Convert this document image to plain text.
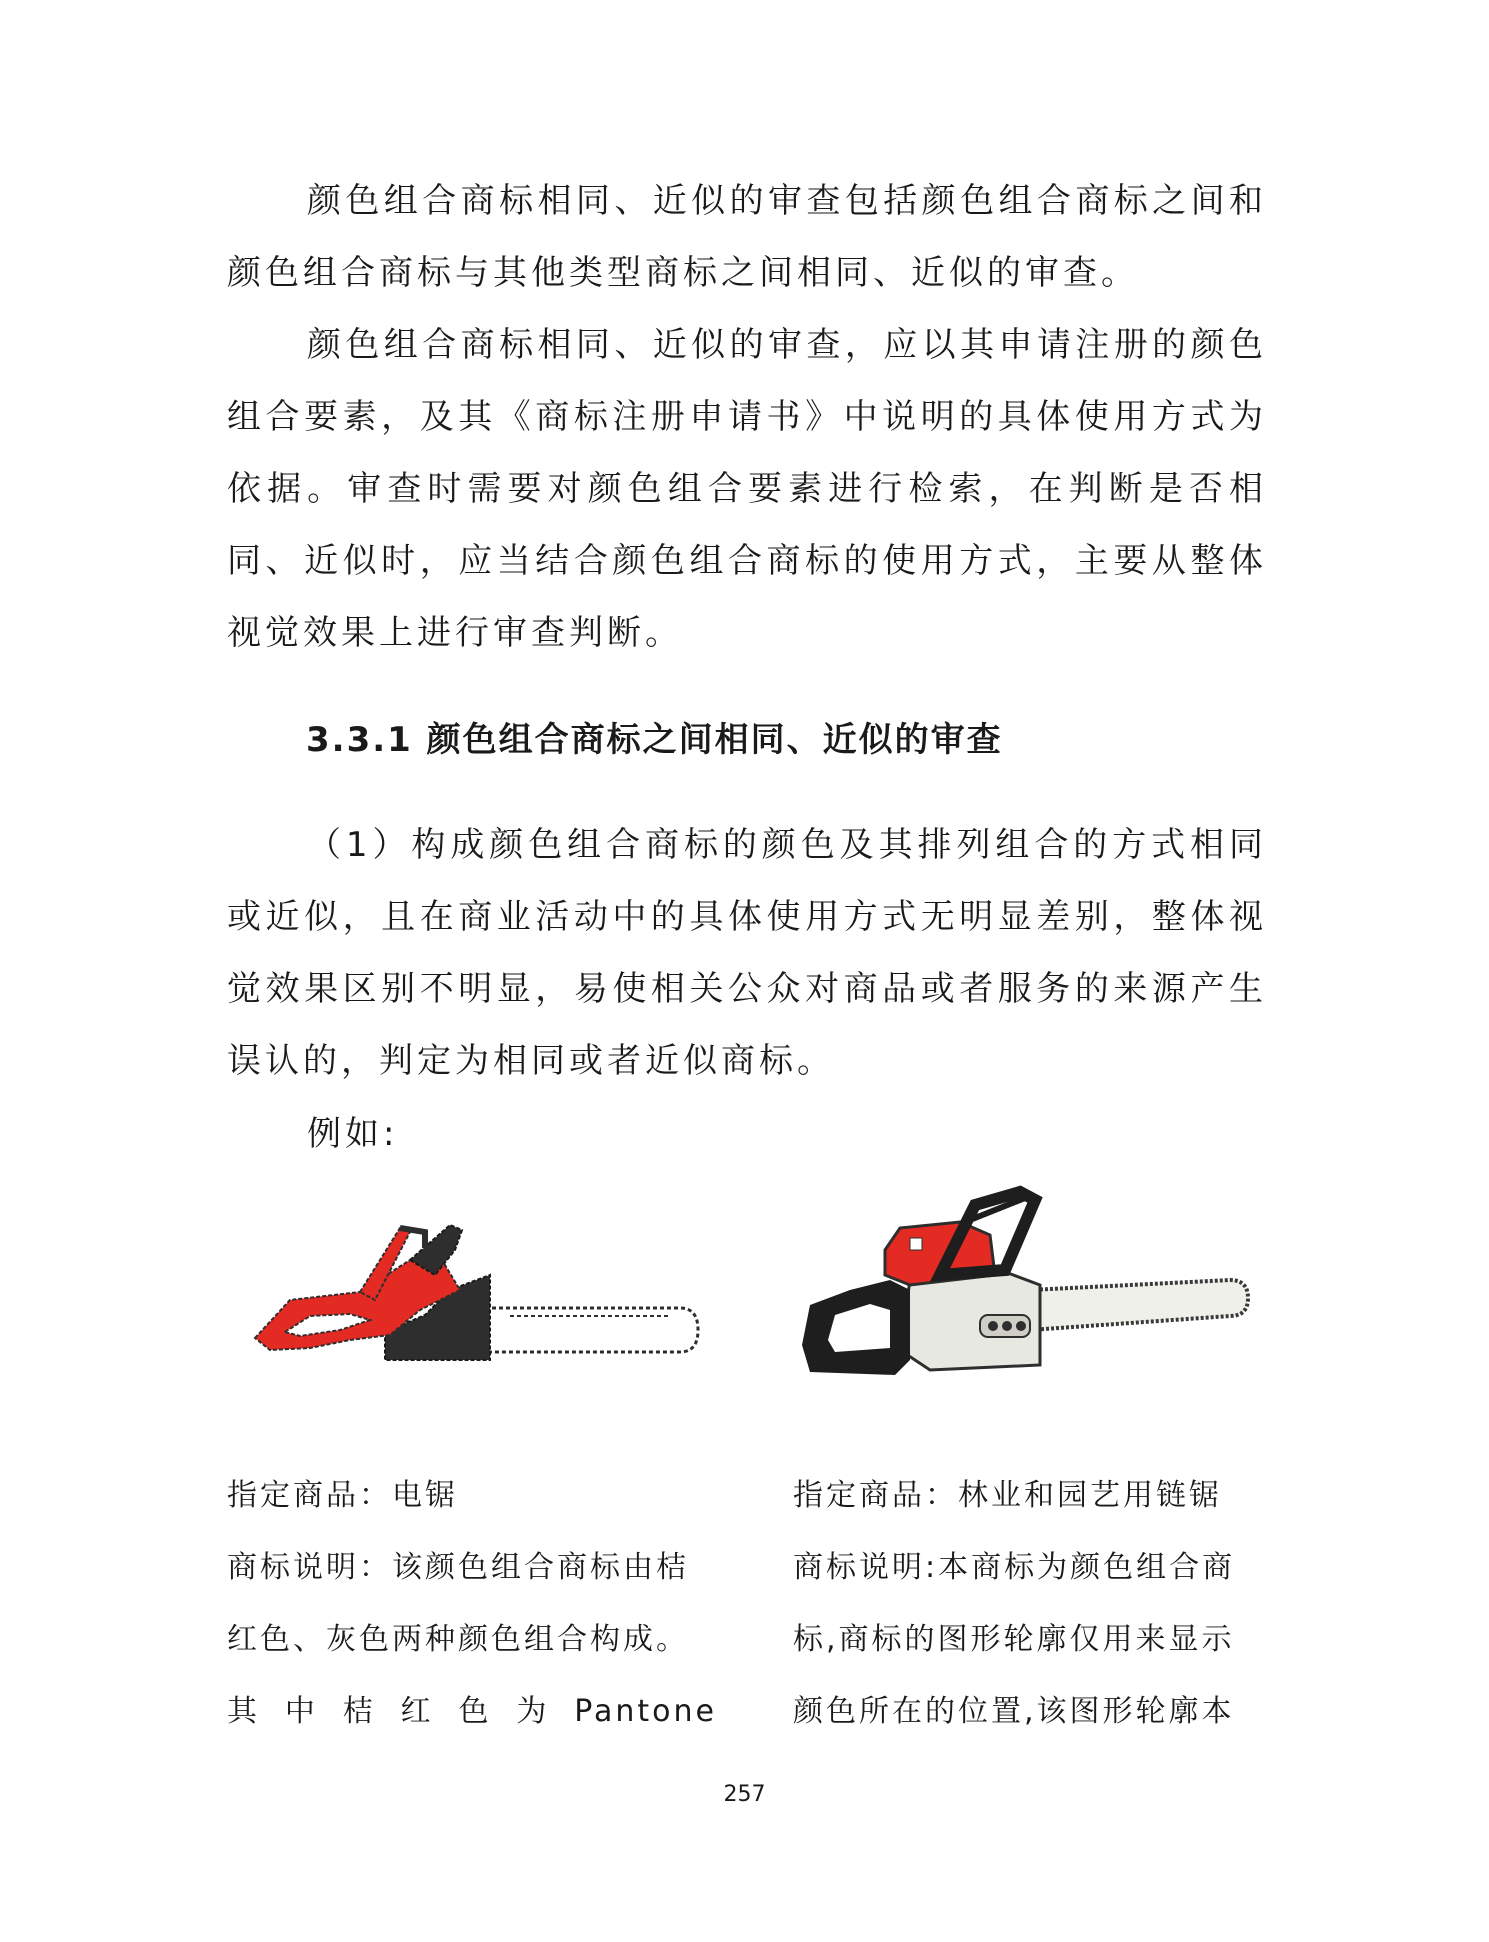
颜色组合商标相同、近似的审查包括颜色组合商标之间和颜色组合商标与其他类型商标之间相同、近似的审查。

颜色组合商标相同、近似的审查，应以其申请注册的颜色组合要素，及其《商标注册申请书》中说明的具体使用方式为依据。审查时需要对颜色组合要素进行检索，在判断是否相同、近似时，应当结合颜色组合商标的使用方式，主要从整体视觉效果上进行审查判断。

3.3.1 颜色组合商标之间相同、近似的审查

（1）构成颜色组合商标的颜色及其排列组合的方式相同或近似，且在商业活动中的具体使用方式无明显差别，整体视觉效果区别不明显，易使相关公众对商品或者服务的来源产生误认的，判定为相同或者近似商标。

例如:

指定商品：电锯
商标说明：该颜色组合商标由桔
红色、灰色两种颜色组合构成。
其 中 桔 红 色 为 Pantone
指定商品：林业和园艺用链锯
商标说明:本商标为颜色组合商
标,商标的图形轮廓仅用来显示
颜色所在的位置,该图形轮廓本

257
